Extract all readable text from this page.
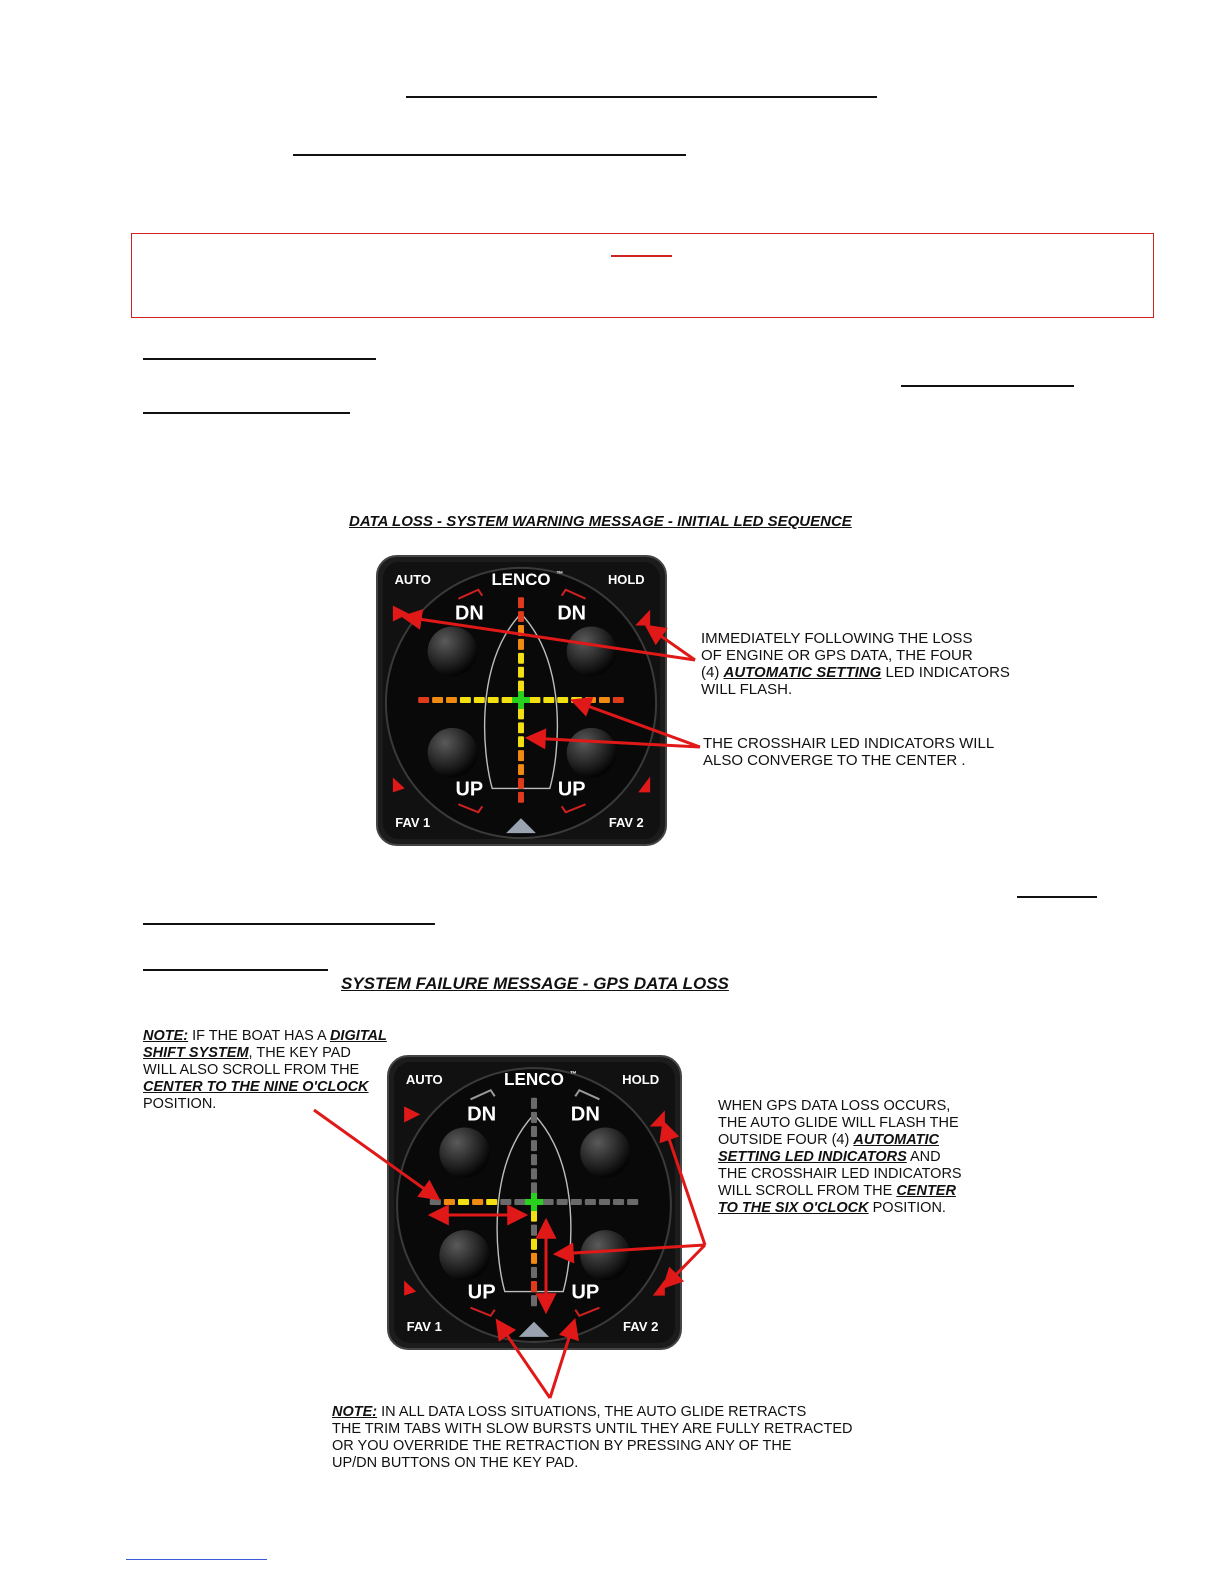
DATA LOSS - SYSTEM WARNING MESSAGE - INITIAL LED SEQUENCE
AUTO	HOLD
FAV 1	FAV 2
LENCO ™
DN	DN
UP	UP
IMMEDIATELY FOLLOWING THE LOSS
OF ENGINE OR GPS DATA, THE FOUR
(4) AUTOMATIC SETTING LED INDICATORS
WILL FLASH.
THE CROSSHAIR LED INDICATORS WILL
ALSO CONVERGE TO THE CENTER .
SYSTEM FAILURE MESSAGE - GPS DATA LOSS
NOTE: IF THE BOAT HAS A DIGITAL
SHIFT SYSTEM, THE KEY PAD
WILL ALSO SCROLL FROM THE
CENTER TO THE NINE O'CLOCK
POSITION.
AUTO	HOLD
FAV 1	FAV 2
LENCO ™
DN	DN
UP	UP
WHEN GPS DATA LOSS OCCURS,
THE AUTO GLIDE WILL FLASH THE
OUTSIDE FOUR (4) AUTOMATIC
SETTING LED INDICATORS AND
THE CROSSHAIR LED INDICATORS
WILL SCROLL FROM THE CENTER
TO THE SIX O'CLOCK POSITION.
NOTE: IN ALL DATA LOSS SITUATIONS, THE AUTO GLIDE RETRACTS
THE TRIM TABS WITH SLOW BURSTS UNTIL THEY ARE FULLY RETRACTED
OR YOU OVERRIDE THE RETRACTION BY PRESSING ANY OF THE
UP/DN BUTTONS ON THE KEY PAD.
